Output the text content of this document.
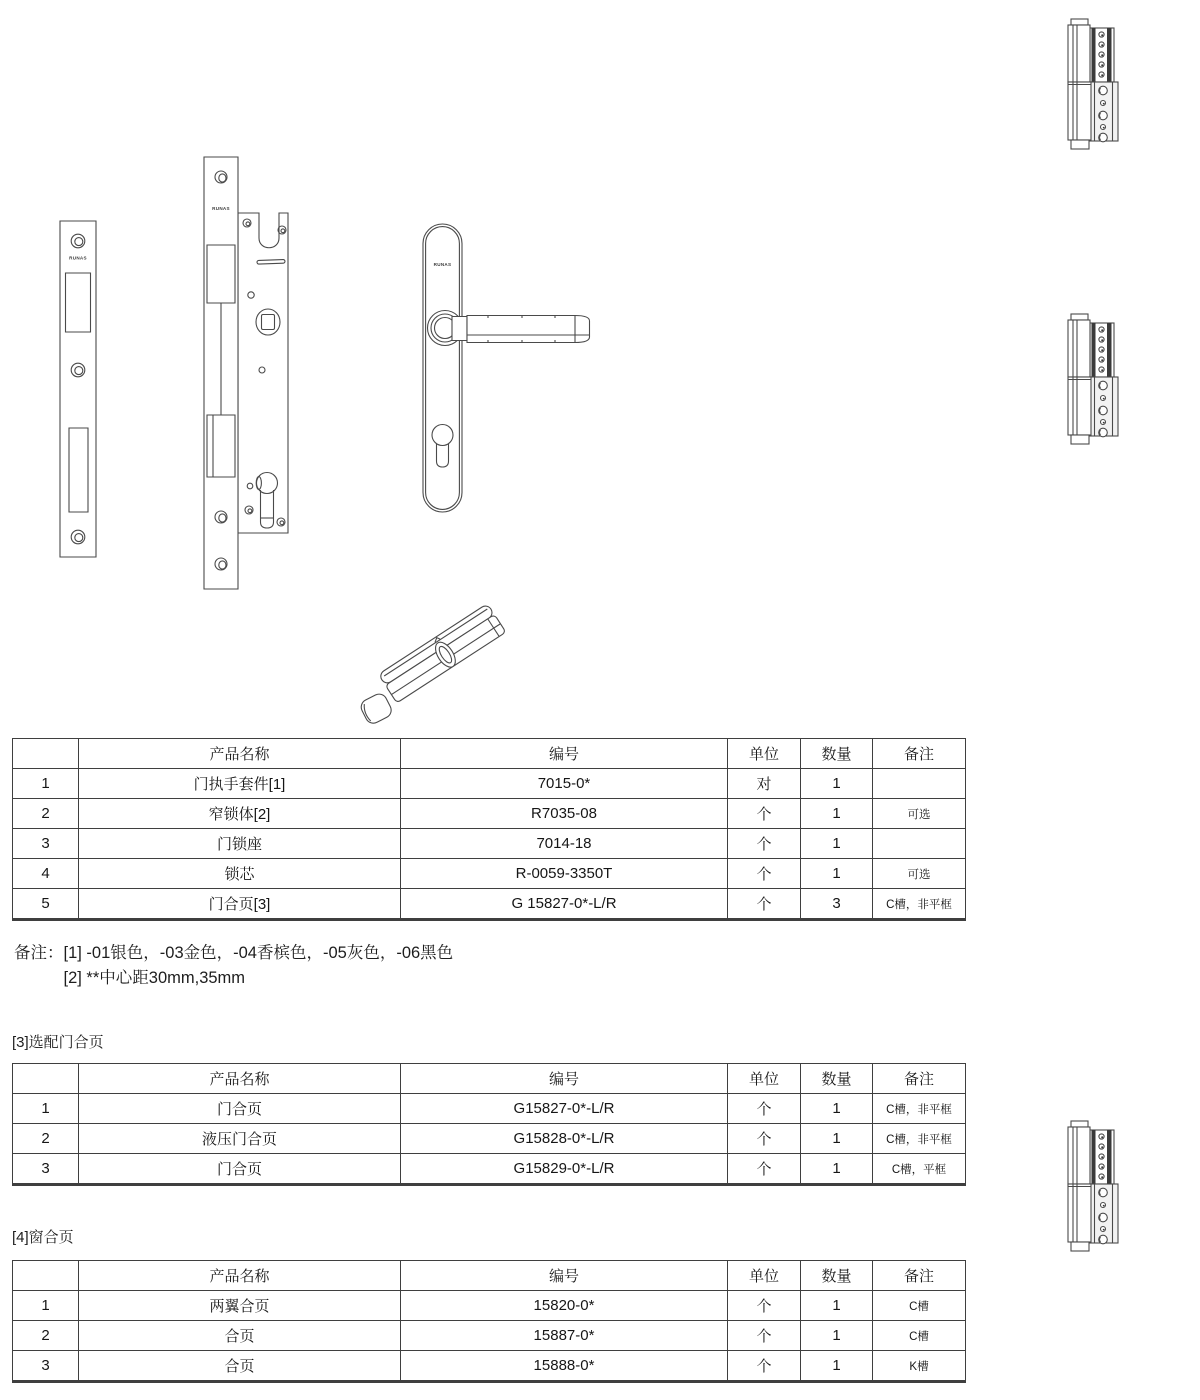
RUNAS
RUNAS
RUNAS
	产品名称	编号	单位	数量	备注
1	门执手套件[1]	7015-0*	对	1	
2	窄锁体[2]	R7035-08	个	1	可选
3	门锁座	7014-18	个	1	
4	锁芯	R-0059-3350T	个	1	可选
5	门合页[3]	G 15827-0*-L/R	个	3	C槽，非平框
备注： [1] -01银色，-03金色，-04香槟色，-05灰色，-06黑色
[2] **中心距30mm,35mm
[3]选配门合页
	产品名称	编号	单位	数量	备注
1	门合页	G15827-0*-L/R	个	1	C槽，非平框
2	液压门合页	G15828-0*-L/R	个	1	C槽，非平框
3	门合页	G15829-0*-L/R	个	1	C槽，平框
[4]窗合页
	产品名称	编号	单位	数量	备注
1	两翼合页	15820-0*	个	1	C槽
2	合页	15887-0*	个	1	C槽
3	合页	15888-0*	个	1	K槽
